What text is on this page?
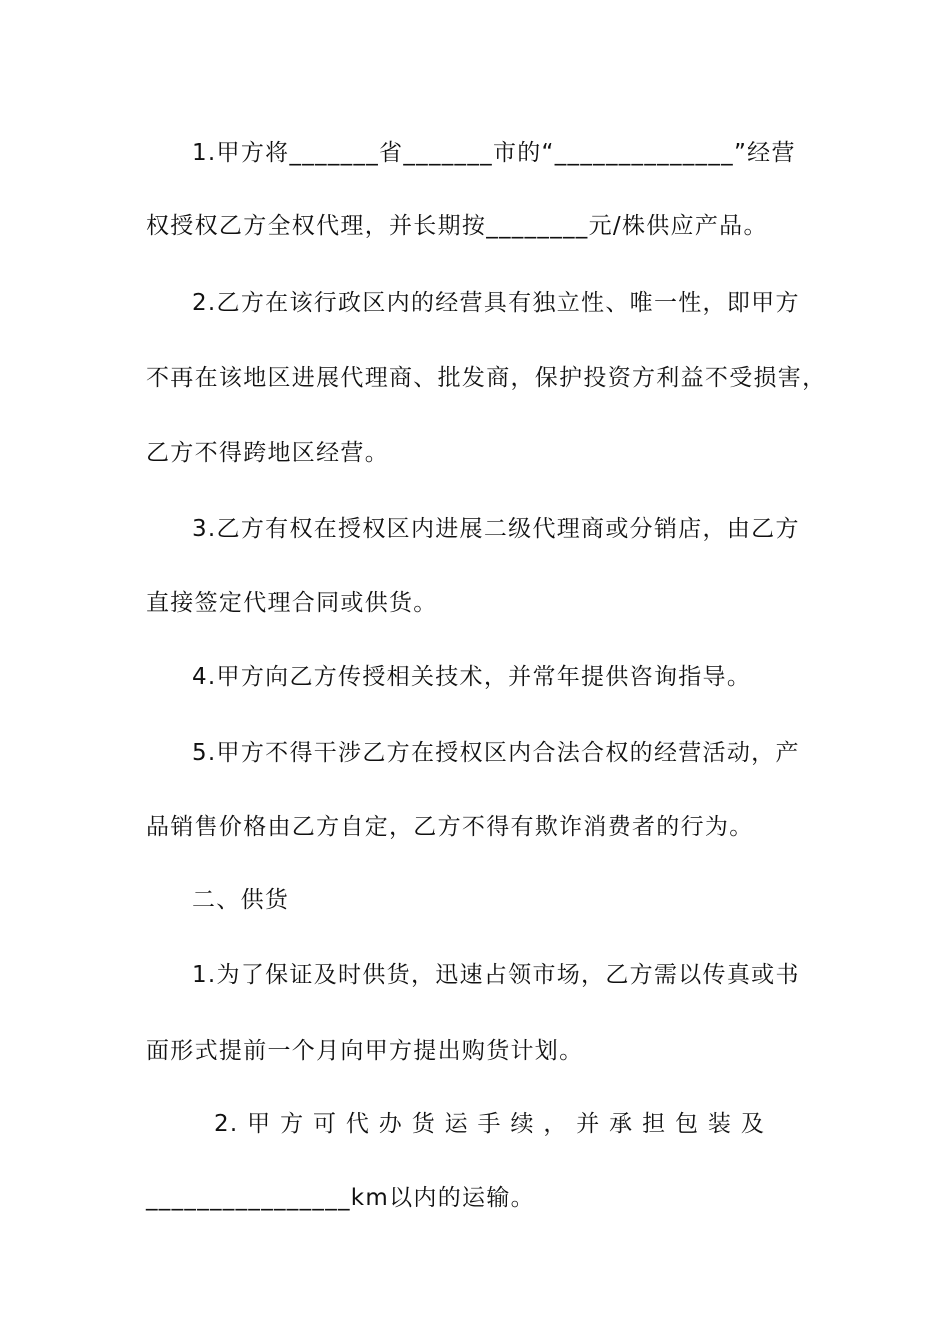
1.甲方将_______省_______市的“______________”经营
权授权乙方全权代理，并长期按________元/株供应产品。
2.乙方在该行政区内的经营具有独立性、唯一性，即甲方
不再在该地区进展代理商、批发商，保护投资方利益不受损害，
乙方不得跨地区经营。
3.乙方有权在授权区内进展二级代理商或分销店，由乙方
直接签定代理合同或供货。
4.甲方向乙方传授相关技术，并常年提供咨询指导。
5.甲方不得干涉乙方在授权区内合法合权的经营活动，产
品销售价格由乙方自定，乙方不得有欺诈消费者的行为。
二、供货
1.为了保证及时供货，迅速占领市场，乙方需以传真或书
面形式提前一个月向甲方提出购货计划。
2. 甲 方 可 代 办 货 运 手 续 ， 并 承 担 包 装 及
________________km以内的运输。
